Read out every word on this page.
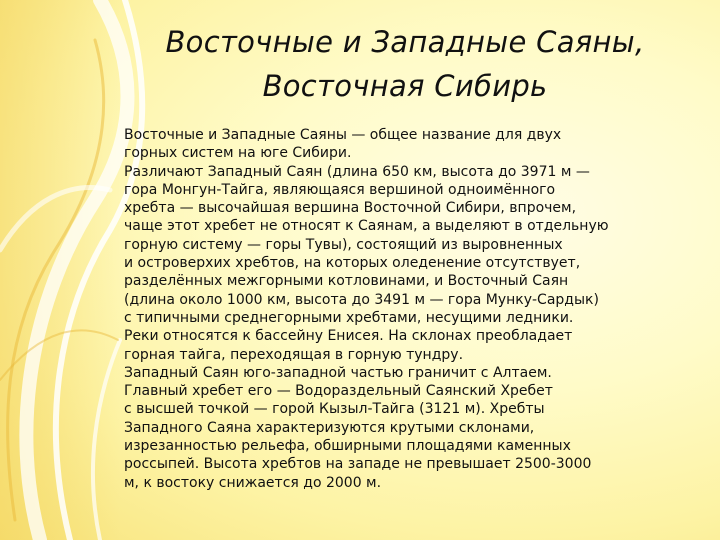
Восточные и Западные Саяны,
Восточная Сибирь
Восточные и Западные Саяны — общее название для двух
горных систем на юге Сибири.
Различают Западный Саян (длина 650 км, высота до 3971 м —
гора Монгун-Тайга, являющаяся вершиной одноимённого
хребта — высочайшая вершина Восточной Сибири, впрочем,
чаще этот хребет не относят к Саянам, а выделяют в отдельную
горную систему — горы Тувы), состоящий из выровненных
и островерхих хребтов, на которых оледенение отсутствует,
разделённых межгорными котловинами, и Восточный Саян
(длина около 1000 км, высота до 3491 м — гора Мунку-Сардык)
с типичными среднегорными хребтами, несущими ледники.
Реки относятся к бассейну Енисея. На склонах преобладает
горная тайга, переходящая в горную тундру.
Западный Саян юго-западной частью граничит с Алтаем.
Главный хребет его — Водораздельный Саянский Хребет
с высшей точкой — горой Кызыл-Тайга (3121 м). Хребты
Западного Саяна характеризуются крутыми склонами,
изрезанностью рельефа, обширными площадями каменных
россыпей. Высота хребтов на западе не превышает 2500-3000
м, к востоку снижается до 2000 м.
